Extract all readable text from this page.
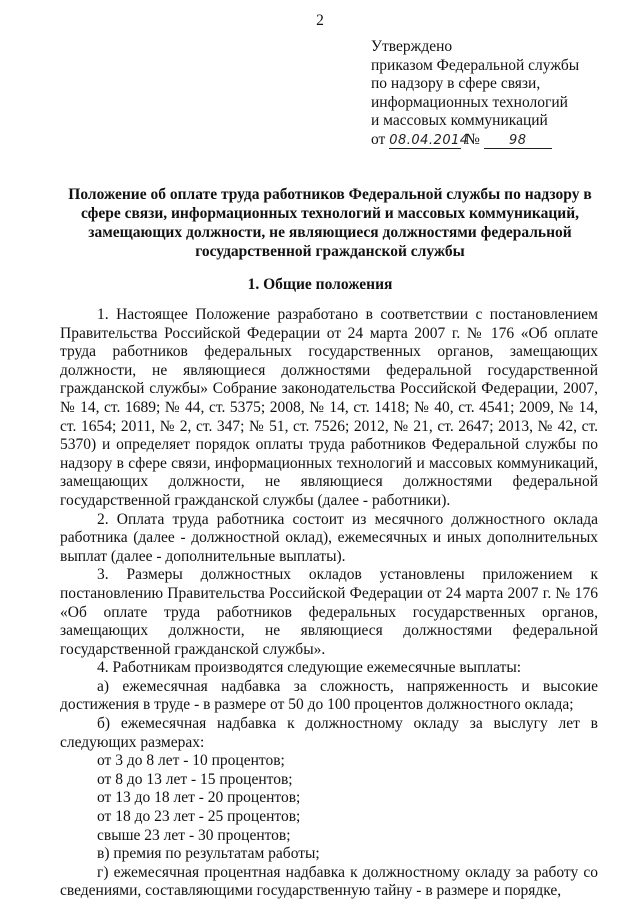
2
Утверждено
приказом Федеральной службы
по надзору в сфере связи,
информационных технологий
и массовых коммуникаций
от 08.04.2014 № 98
Положение об оплате труда работников Федеральной службы по надзору в сфере связи, информационных технологий и массовых коммуникаций, замещающих должности, не являющиеся должностями федеральной государственной гражданской службы
1. Общие положения

1. Настоящее Положение разработано в соответствии с постановлением Правительства Российской Федерации от 24 марта 2007 г. № 176 «Об оплате труда работников федеральных государственных органов, замещающих должности, не являющиеся должностями федеральной государственной гражданской службы» Собрание законодательства Российской Федерации, 2007, № 14, ст. 1689; № 44, ст. 5375; 2008, № 14, ст. 1418; № 40, ст. 4541; 2009, № 14, ст. 1654; 2011, № 2, ст. 347; № 51, ст. 7526; 2012, № 21, ст. 2647; 2013, № 42, ст. 5370) и определяет порядок оплаты труда работников Федеральной службы по надзору в сфере связи, информационных технологий и массовых коммуникаций, замещающих должности, не являющиеся должностями федеральной государственной гражданской службы (далее - работники).

2. Оплата труда работника состоит из месячного должностного оклада работника (далее - должностной оклад), ежемесячных и иных дополнительных выплат (далее - дополнительные выплаты).

3. Размеры должностных окладов установлены приложением к постановлению Правительства Российской Федерации от 24 марта 2007 г. № 176 «Об оплате труда работников федеральных государственных органов, замещающих должности, не являющиеся должностями федеральной государственной гражданской службы».

4. Работникам производятся следующие ежемесячные выплаты:

а) ежемесячная надбавка за сложность, напряженность и высокие достижения в труде - в размере от 50 до 100 процентов должностного оклада;

б) ежемесячная надбавка к должностному окладу за выслугу лет в следующих размерах:

от 3 до 8 лет - 10 процентов;

от 8 до 13 лет - 15 процентов;

от 13 до 18 лет - 20 процентов;

от 18 до 23 лет - 25 процентов;

свыше 23 лет - 30 процентов;

в) премия по результатам работы;

г) ежемесячная процентная надбавка к должностному окладу за работу со сведениями, составляющими государственную тайну - в размере и порядке,
